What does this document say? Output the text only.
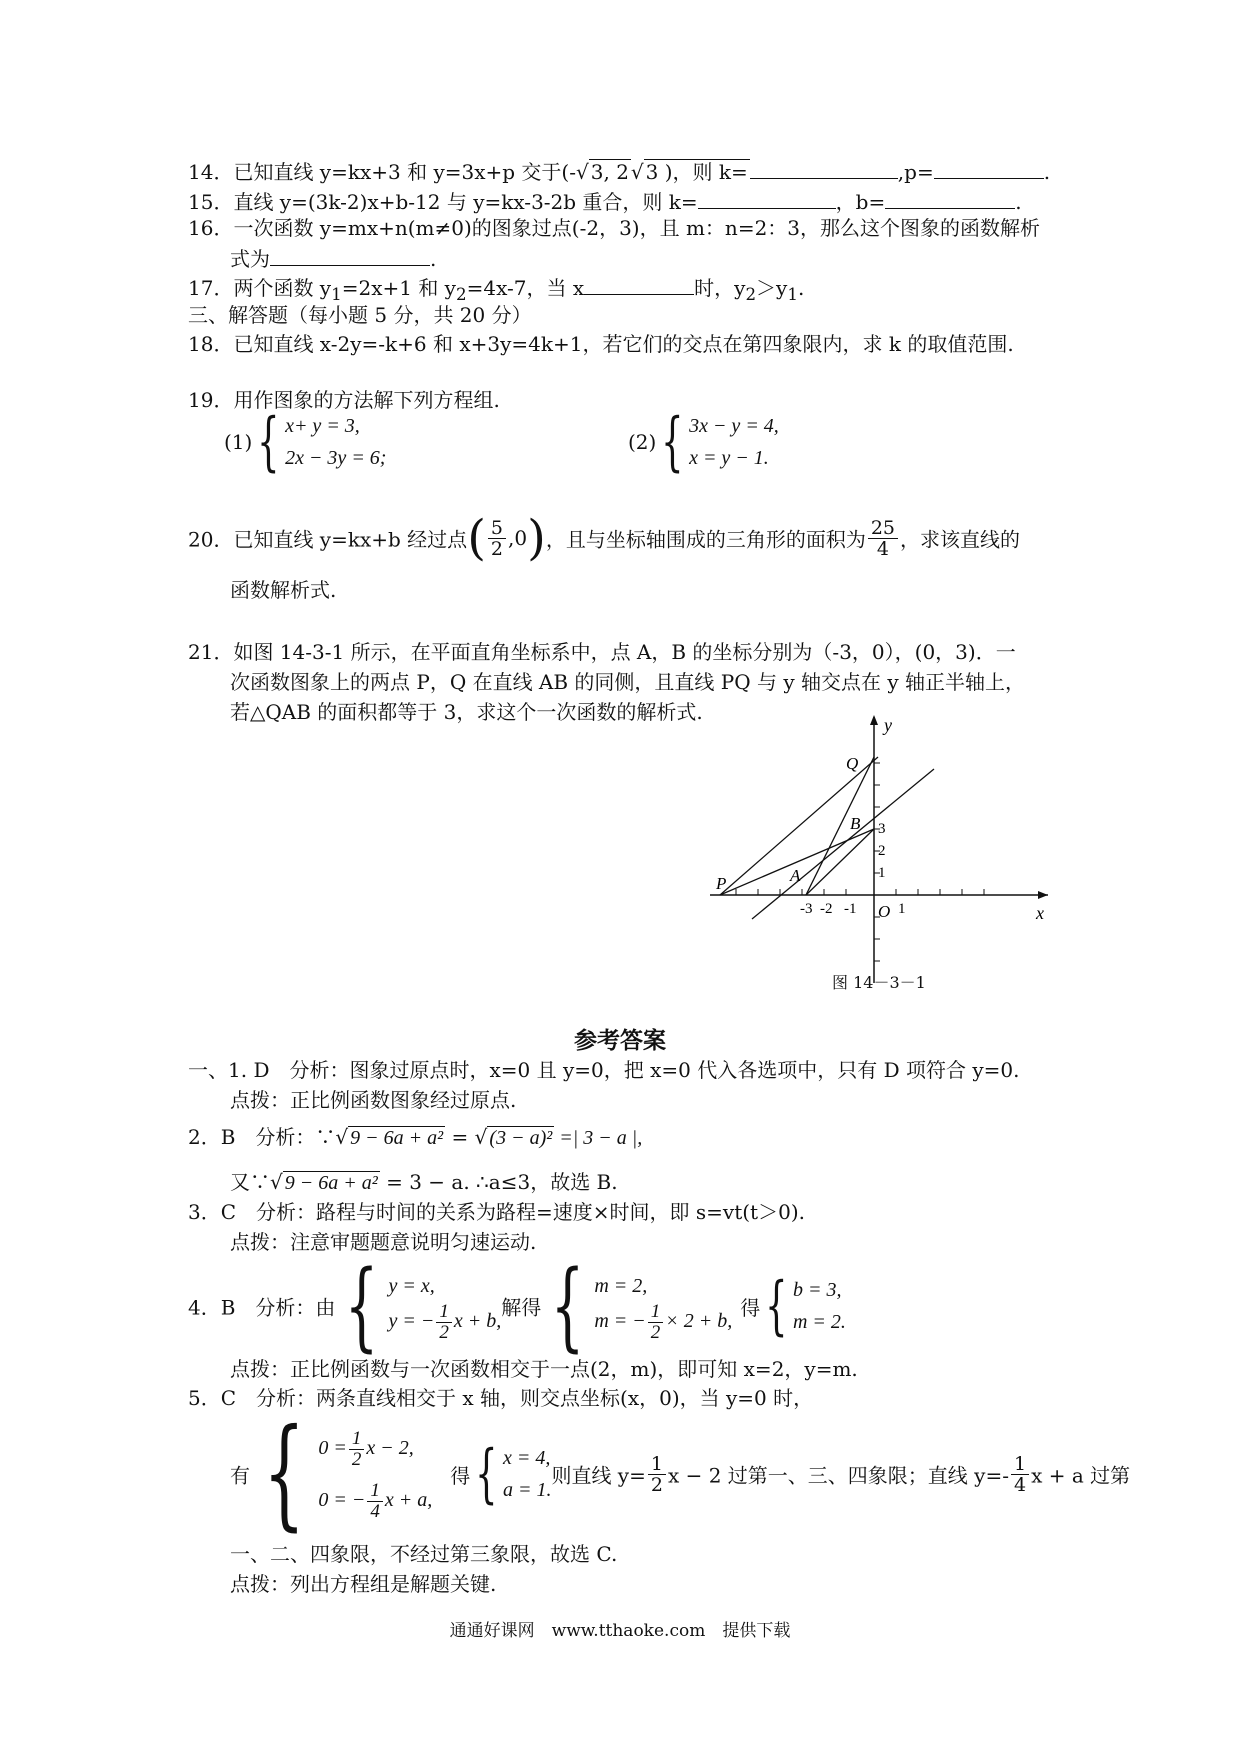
14．已知直线 y=kx+3 和 y=3x+p 交于(-√ 3, 2 √ 3 )，则 k=	,p=	.
15．直线 y=(3k-2)x+b-12 与 y=kx-3-2b 重合，则 k=	，b=	.
16．一次函数 y=mx+n(m≠0)的图象过点(-2，3)，且 m：n=2：3，那么这个图象的函数解析
式为	.
17．两个函数 $y_1=2x+1$ 和 $y_2=4x-7$，当 x	时，$y_2>y_1$.
三、解答题（每小题 5 分，共 20 分）
18．已知直线 x-2y=-k+6 和 x+3y=4k+1，若它们的交点在第四象限内，求 k 的取值范围.
19．用作图象的方法解下列方程组.
(1){ x+ y = 3,
2x − 3y = 6;
(2){ 3x − y = 4,
x = y − 1.
20．已知直线 y=kx+b 经过点( $\frac{5}{2} ,0$)，且与坐标轴围成的三角形的面积为 $\frac{25}{4}$ ，求该直线的
函数解析式.
21．如图 14-3-1 所示，在平面直角坐标系中，点 A，B 的坐标分别为（-3，0），(0，3)．一
次函数图象上的两点 P，Q 在直线 AB 的同侧，且直线 PQ 与 y 轴交点在 y 轴正半轴上，
若△QAB 的面积都等于 3，求这个一次函数的解析式.
y
x
Q
B
P	A
O
-3 -2 -1	1
3
2
1
图 14－3－1
参考答案
一、1. D　分析：图象过原点时，x=0 且 y=0，把 x=0 代入各选项中，只有 D 项符合 y=0.
点拨：正比例函数图象经过原点.
2．B　分析：∵√ 9 − 6a + a² = √ (3 − a)² =| 3 − a |,
又∵√ 9 − 6a + a² = 3 − a. ∴a≤3，故选 B.
3．C　分析：路程与时间的关系为路程=速度×时间，即 s=vt(t＞0).
点拨：注意审题题意说明匀速运动.
4．B　分析：由 { y = x,
y = − $\frac{1}{2}$ x + b,
解得 { m = 2,
m = − $\frac{1}{2} \times 2 + b$,
得{ b = 3,
m = 2.
点拨：正比例函数与一次函数相交于一点(2，m)，即可知 x=2，y=m.
5．C　分析：两条直线相交于 x 轴，则交点坐标(x，0)，当 y=0 时，
有 { $0 = \frac{1}{2}$ x − 2,
0 = − $\frac{1}{4}$ x + a,
得{ x = 4,
a = 1.
则直线 $y= \frac{1}{2}$ x − 2 过第一、三、四象限；直线 $y=- \frac{1}{4}$ x + a 过第
一、二、四象限，不经过第三象限，故选 C.
点拨：列出方程组是解题关键.
通通好课网　www.tthaoke.com　提供下载
